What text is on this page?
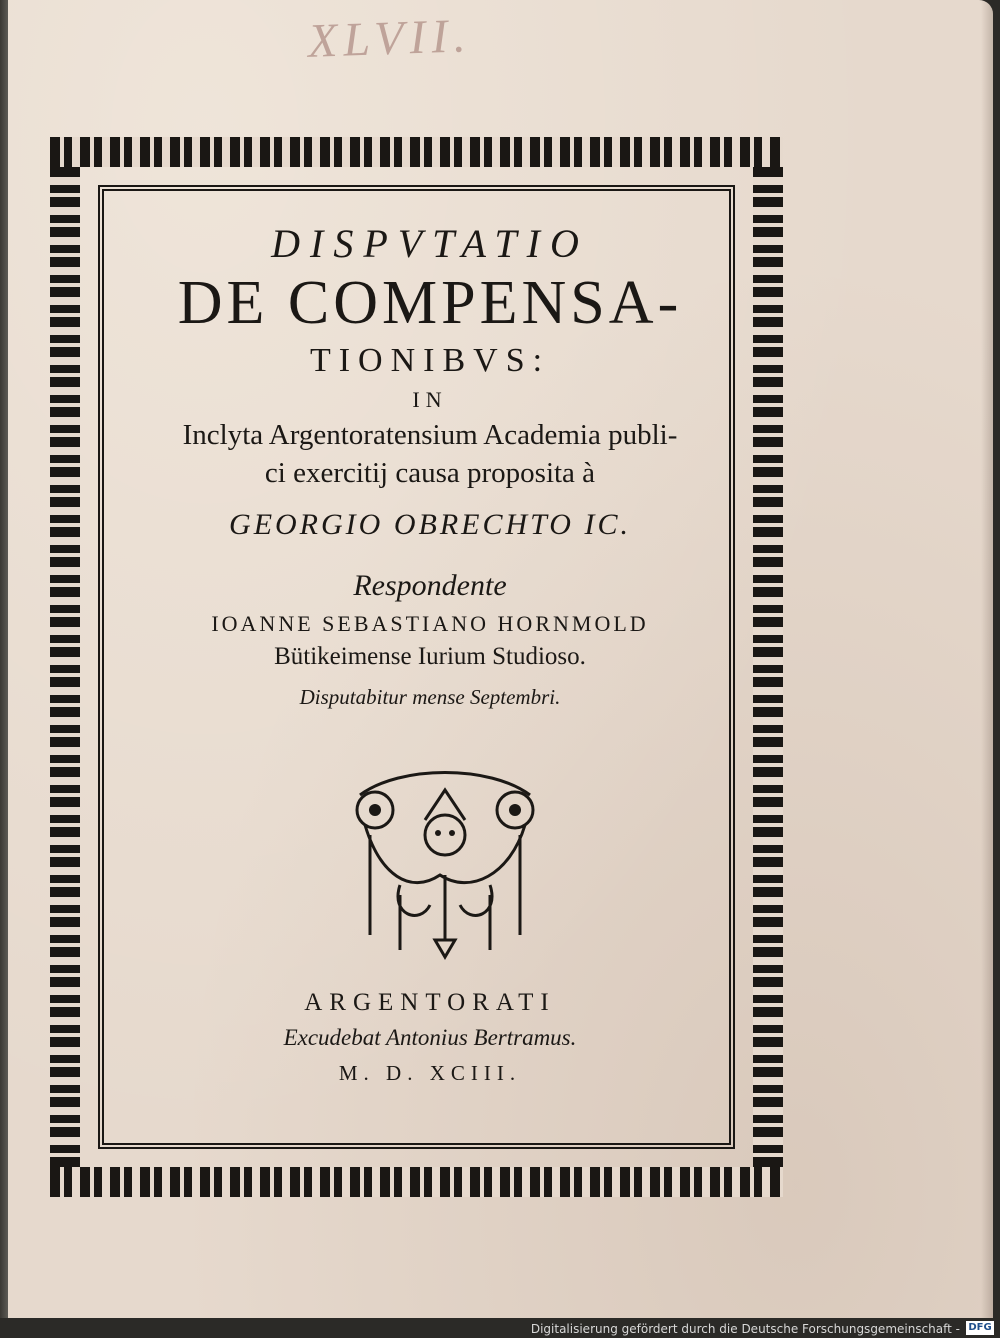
XLVII.

DISPVTATIO

DE COMPENSA-

TIONIBVS:

IN

Inclyta Argentoratensium Academia publi-

ci exercitij causa proposita à

GEORGIO OBRECHTO IC.

Respondente

IOANNE SEBASTIANO HORNMOLD

Bütikeimense Iurium Studioso.

Disputabitur mense Septembri.

ARGENTORATI

Excudebat Antonius Bertramus.

M. D. XCIII.

Digitalisierung gefördert durch die Deutsche Forschungsgemeinschaft - DFG
